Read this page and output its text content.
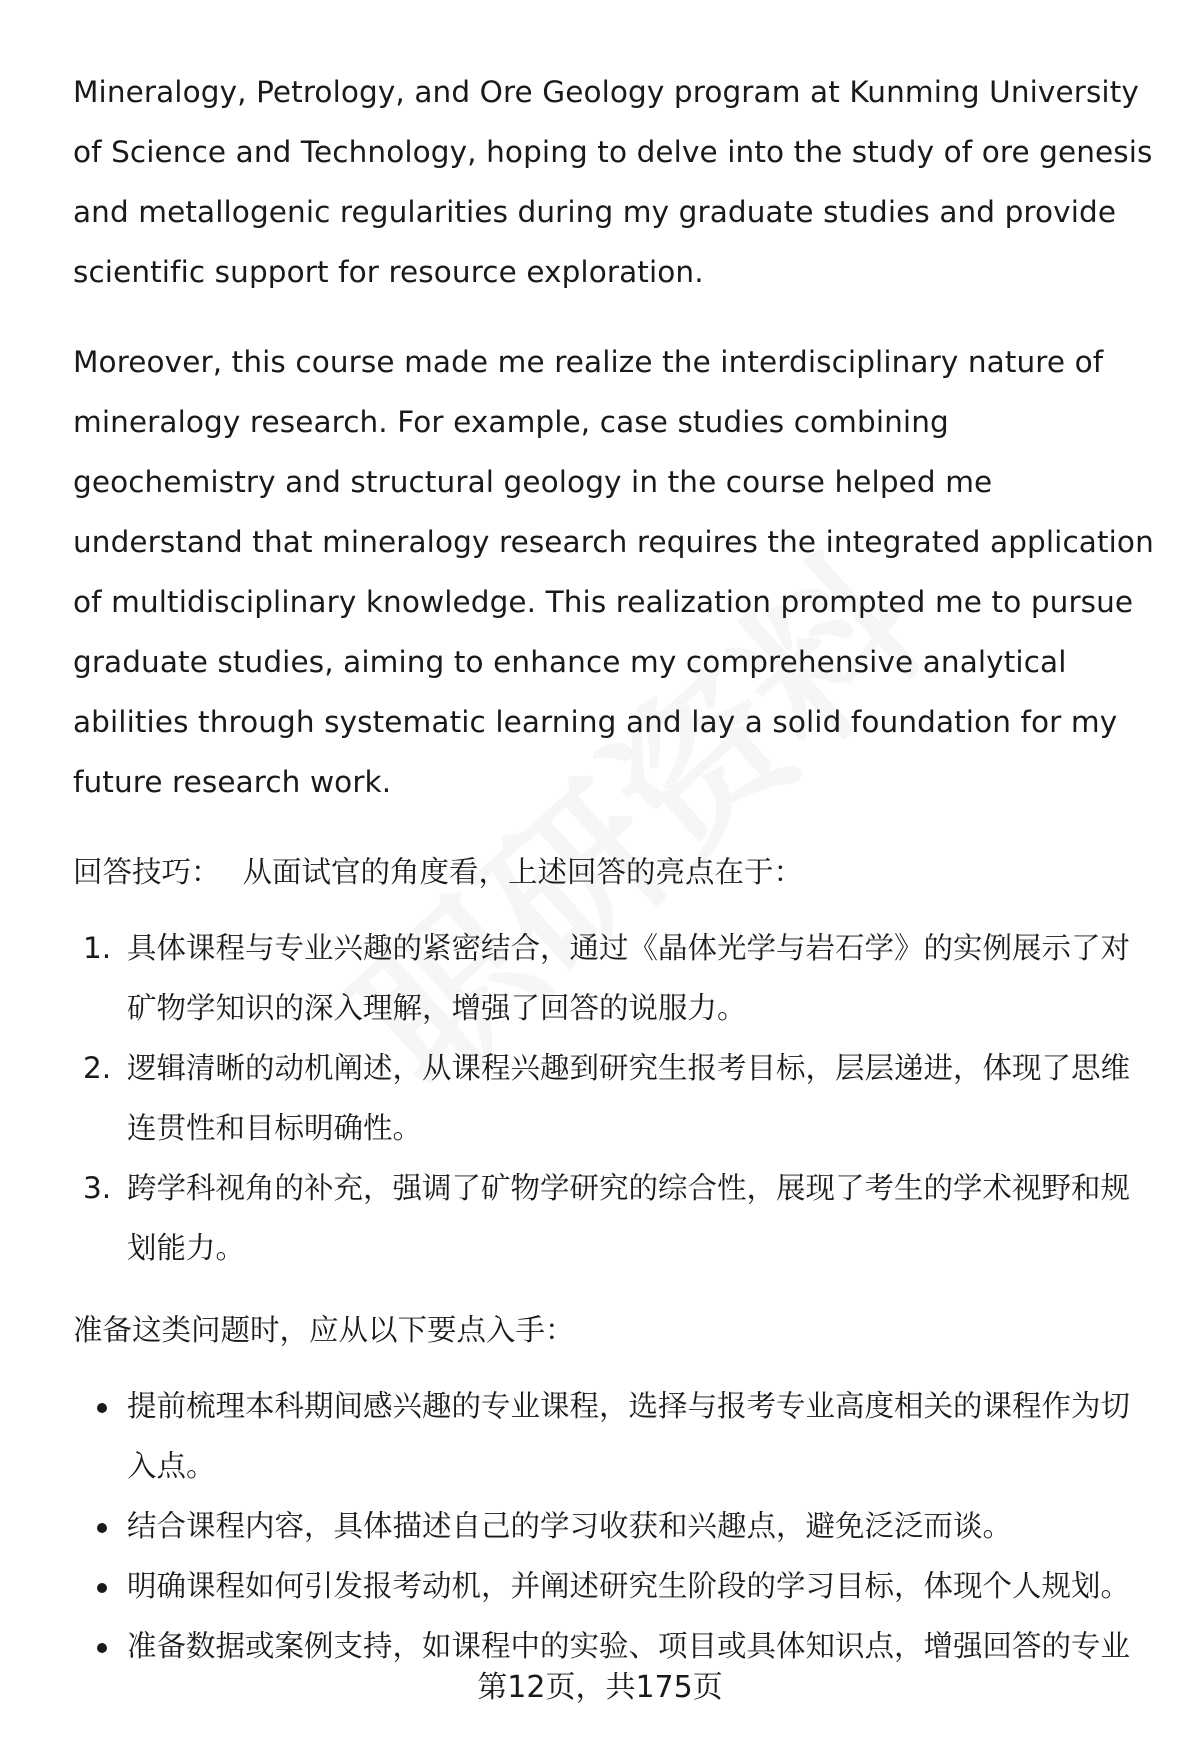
Mineralogy, Petrology, and Ore Geology program at Kunming University of Science and Technology, hoping to delve into the study of ore genesis and metallogenic regularities during my graduate studies and provide scientific support for resource exploration.

Moreover, this course made me realize the interdisciplinary nature of mineralogy research. For example, case studies combining geochemistry and structural geology in the course helped me understand that mineralogy research requires the integrated application of multidisciplinary knowledge. This realization prompted me to pursue graduate studies, aiming to enhance my comprehensive analytical abilities through systematic learning and lay a solid foundation for my future research work.

回答技巧： 从面试官的角度看，上述回答的亮点在于：
1. 具体课程与专业兴趣的紧密结合，通过《晶体光学与岩石学》的实例展示了对矿物学知识的深入理解，增强了回答的说服力。
2. 逻辑清晰的动机阐述，从课程兴趣到研究生报考目标，层层递进，体现了思维连贯性和目标明确性。
3. 跨学科视角的补充，强调了矿物学研究的综合性，展现了考生的学术视野和规划能力。
准备这类问题时，应从以下要点入手：
提前梳理本科期间感兴趣的专业课程，选择与报考专业高度相关的课程作为切入点。
结合课程内容，具体描述自己的学习收获和兴趣点，避免泛泛而谈。
明确课程如何引发报考动机，并阐述研究生阶段的学习目标，体现个人规划。
准备数据或案例支持，如课程中的实验、项目或具体知识点，增强回答的专业
第12页，共175页
